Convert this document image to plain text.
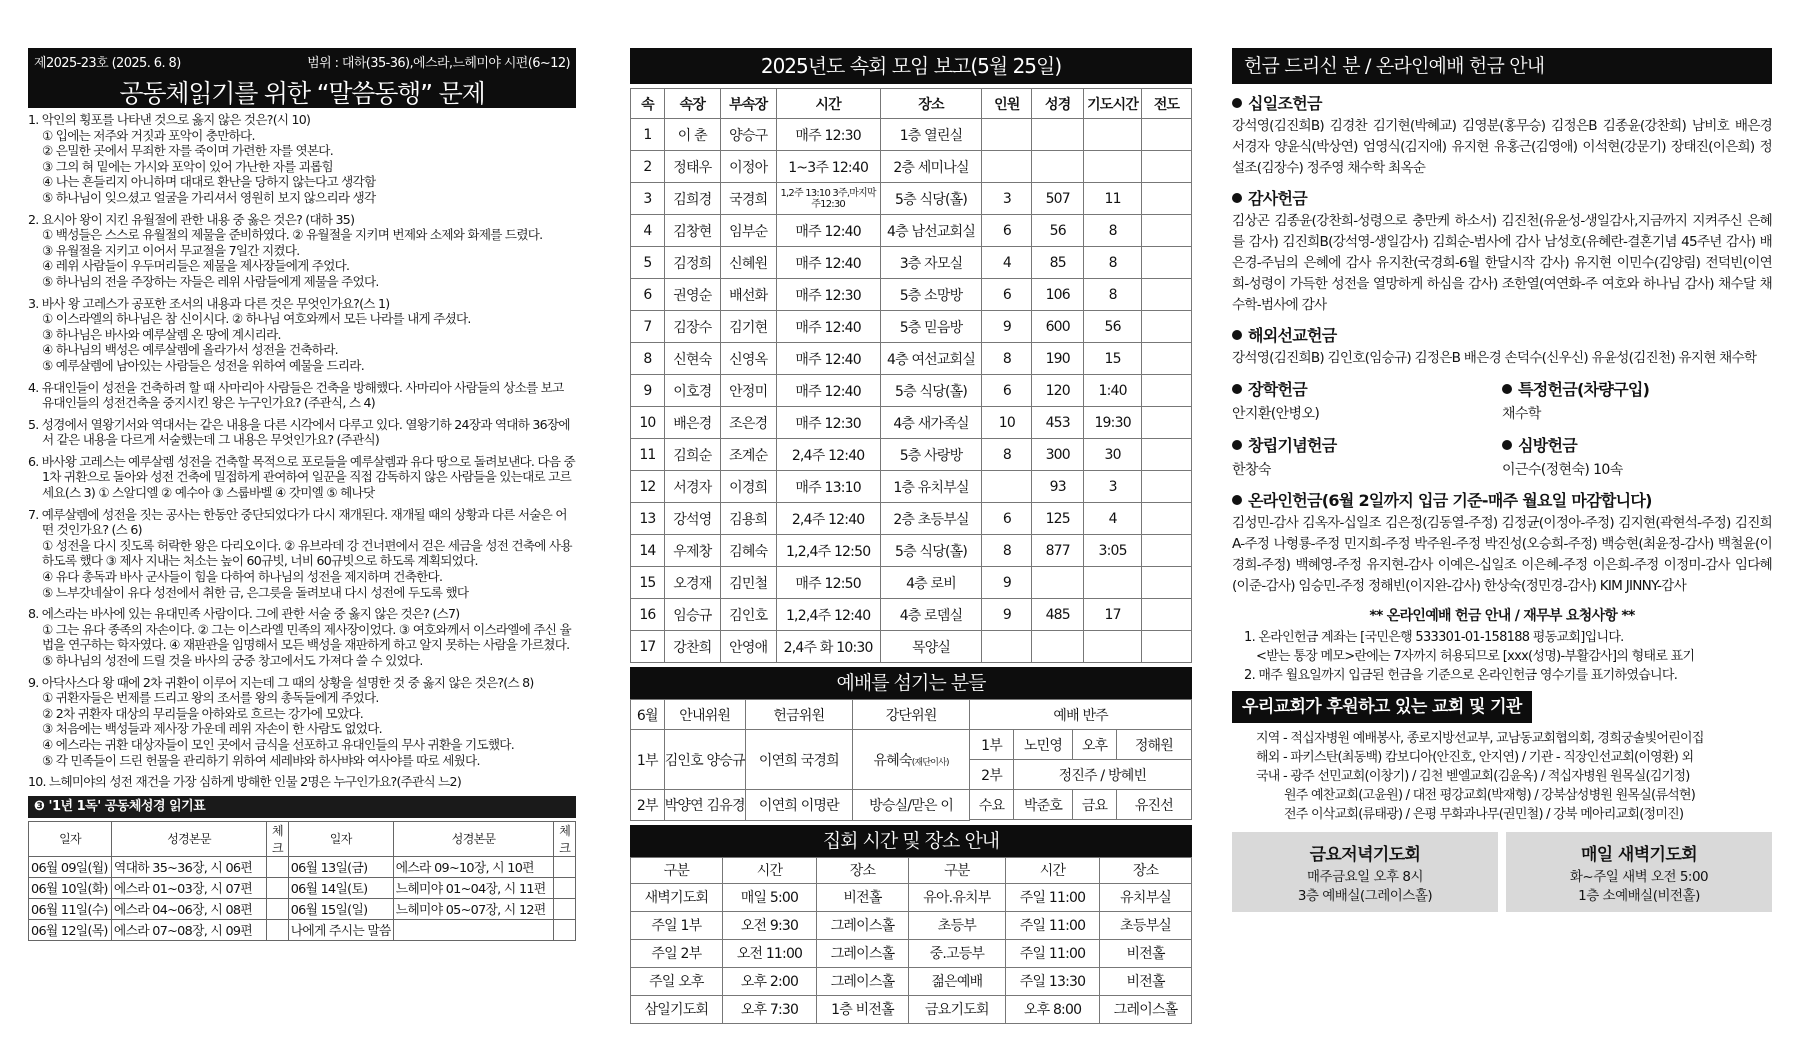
제2025-23호 (2025. 6. 8)	범위 : 대하(35-36),에스라,느헤미야 시편(6~12)
공동체읽기를 위한 “말씀동행” 문제
1. 악인의 횡포를 나타낸 것으로 옳지 않은 것은?(시 10)
① 입에는 저주와 거짓과 포악이 충만하다.
② 은밀한 곳에서 무죄한 자를 죽이며 가련한 자를 엿본다.
③ 그의 혀 밑에는 가시와 포악이 있어 가난한 자를 괴롭힘
④ 나는 흔들리지 아니하며 대대로 환난을 당하지 않는다고 생각함
⑤ 하나님이 잊으셨고 얼굴을 가리셔서 영원히 보지 않으리라 생각
2. 요시아 왕이 지킨 유월절에 관한 내용 중 옳은 것은? (대하 35)
① 백성들은 스스로 유월절의 제물을 준비하였다. ② 유월절을 지키며 번제와 소제와 화제를 드렸다.
③ 유월절을 지키고 이어서 무교절을 7일간 지켰다.
④ 레위 사람들이 우두머리들은 제물을 제사장들에게 주었다.
⑤ 하나님의 전을 주장하는 자들은 레위 사람들에게 제물을 주었다.
3. 바사 왕 고레스가 공포한 조서의 내용과 다른 것은 무엇인가요?(스 1)
① 이스라엘의 하나님은 참 신이시다. ② 하나님 여호와께서 모든 나라를 내게 주셨다.
③ 하나님은 바사와 예루살렘 온 땅에 계시리라.
④ 하나님의 백성은 예루살렘에 올라가서 성전을 건축하라.
⑤ 예루살렘에 남아있는 사람들은 성전을 위하여 예물을 드리라.
4. 유대인들이 성전을 건축하려 할 때 사마리아 사람들은 건축을 방해했다. 사마리아 사람들의 상소를 보고 유대인들의 성전건축을 중지시킨 왕은 누구인가요? (주관식, 스 4)
5. 성경에서 열왕기서와 역대서는 같은 내용을 다른 시각에서 다루고 있다. 열왕기하 24장과 역대하 36장에서 같은 내용을 다르게 서술했는데 그 내용은 무엇인가요? (주관식)
6. 바사왕 고레스는 예루살렘 성전을 건축할 목적으로 포로들을 예루살렘과 유다 땅으로 돌려보낸다. 다음 중 1차 귀환으로 돌아와 성전 건축에 밀접하게 관여하여 일꾼을 직접 감독하지 않은 사람들을 있는대로 고르세요(스 3) ① 스알디엘 ② 예수아 ③ 스룹바벨 ④ 갓미엘 ⑤ 헤나닷
7. 예루살렘에 성전을 짓는 공사는 한동안 중단되었다가 다시 재개된다. 재개될 때의 상황과 다른 서술은 어떤 것인가요? (스 6)
① 성전을 다시 짓도록 허락한 왕은 다리오이다. ② 유브라데 강 건너편에서 걷은 세금을 성전 건축에 사용하도록 했다 ③ 제사 지내는 처소는 높이 60규빗, 너비 60규빗으로 하도록 계획되었다.
④ 유다 총독과 바사 군사들이 힘을 다하여 하나님의 성전을 제지하며 건축한다.
⑤ 느부갓네살이 유다 성전에서 취한 금, 은그릇을 돌려보내 다시 성전에 두도록 했다
8. 에스라는 바사에 있는 유대민족 사람이다. 그에 관한 서술 중 옳지 않은 것은? (스7)
① 그는 유다 종족의 자손이다. ② 그는 이스라엘 민족의 제사장이었다. ③ 여호와께서 이스라엘에 주신 율법을 연구하는 학자였다. ④ 재판관을 임명해서 모든 백성을 재판하게 하고 알지 못하는 사람을 가르쳤다. ⑤ 하나님의 성전에 드릴 것을 바사의 궁중 창고에서도 가져다 쓸 수 있었다.
9. 아닥사스다 왕 때에 2차 귀환이 이루어 지는데 그 때의 상황을 설명한 것 중 옳지 않은 것은?(스 8)
① 귀환자들은 번제를 드리고 왕의 조서를 왕의 총독들에게 주었다.
② 2차 귀환자 대상의 무리들을 아하와로 흐르는 강가에 모았다.
③ 처음에는 백성들과 제사장 가운데 레위 자손이 한 사람도 없었다.
④ 에스라는 귀환 대상자들이 모인 곳에서 금식을 선포하고 유대인들의 무사 귀환을 기도했다.
⑤ 각 민족들이 드린 헌물을 관리하기 위하여 세레뱌와 하사뱌와 여사야를 따로 세웠다.
10. 느헤미야의 성전 재건을 가장 심하게 방해한 인물 2명은 누구인가요?(주관식 느2)
❸ '1년 1독' 공동체성경 읽기표
일자	성경본문	체크	일자	성경본문	체크
06월 09일(월)	역대하 35~36장, 시 06편		06월 13일(금)	에스라 09~10장, 시 10편	
06월 10일(화)	에스라 01~03장, 시 07편		06월 14일(토)	느헤미야 01~04장, 시 11편	
06월 11일(수)	에스라 04~06장, 시 08편		06월 15일(일)	느헤미야 05~07장, 시 12편	
06월 12일(목)	에스라 07~08장, 시 09편		나에게 주시는 말씀		
2025년도 속회 모임 보고(5월 25일)
속	속장	부속장	시간	장소	인원	성경	기도시간	전도
1	이 춘	양승구	매주 12:30	1층 열린실				
2	정태우	이정아	1~3주 12:40	2층 세미나실				
3	김희경	국경희	1,2주 13:10 3주,마지막주12:30	5층 식당(홀)	3	507	11	
4	김창현	임부순	매주 12:40	4층 남선교회실	6	56	8	
5	김정희	신혜원	매주 12:40	3층 자모실	4	85	8	
6	권영순	배선화	매주 12:30	5층 소망방	6	106	8	
7	김장수	김기현	매주 12:40	5층 믿음방	9	600	56	
8	신현숙	신영옥	매주 12:40	4층 여선교회실	8	190	15	
9	이호경	안정미	매주 12:40	5층 식당(홀)	6	120	1:40	
10	배은경	조은경	매주 12:30	4층 새가족실	10	453	19:30	
11	김희순	조계순	2,4주 12:40	5층 사랑방	8	300	30	
12	서경자	이경희	매주 13:10	1층 유치부실		93	3	
13	강석영	김용희	2,4주 12:40	2층 초등부실	6	125	4	
14	우제창	김혜숙	1,2,4주 12:50	5층 식당(홀)	8	877	3:05	
15	오경재	김민철	매주 12:50	4층 로비	9			
16	임승규	김인호	1,2,4주 12:40	4층 로뎀실	9	485	17	
17	강찬희	안영애	2,4주 화 10:30	목양실				
예배를 섬기는 분들
6월	안내위원	헌금위원	강단위원	예배 반주			
1부	김인호 양승규	이연희 국경희	유혜숙(재단이사)	1부	노민영	오후	정해원
				2부	정진주 / 방혜빈		
2부	박양연 김유경	이연희 이명란	방승실/맏은 이	수요	박준호	금요	유진선

집회 시간 및 장소 안내
구분	시간	장소	구분	시간	장소
새벽기도회	매일 5:00	비전홀	유아.유치부	주일 11:00	유치부실
주일 1부	오전 9:30	그레이스홀	초등부	주일 11:00	초등부실
주일 2부	오전 11:00	그레이스홀	중.고등부	주일 11:00	비전홀
주일 오후	오후 2:00	그레이스홀	젊은예배	주일 13:30	비전홀
삼일기도회	오후 7:30	1층 비전홀	금요기도회	오후 8:00	그레이스홀
헌금 드리신 분 / 온라인예배 헌금 안내
십일조헌금
강석영(김진희B) 김경찬 김기현(박혜교) 김영분(홍무승) 김정은B 김종윤(강찬희) 남비호 배은경 서경자 양윤식(박상연) 엄영식(김지애) 유지현 유홍근(김영애) 이석현(강문기) 장태진(이은희) 정설조(김장수) 정주영 채수학 최옥순
감사헌금
김상곤 김종윤(강찬희-성령으로 충만케 하소서) 김진천(유윤성-생일감사,지금까지 지켜주신 은혜를 감사) 김진희B(강석영-생일감사) 김희순-범사에 감사 남성호(유혜란-결혼기념 45주년 감사) 배은경-주님의 은혜에 감사 유지찬(국경희-6월 한달시작 감사) 유지현 이민수(김양림) 전덕빈(이연희-성령이 가득한 성전을 열망하게 하심을 감사) 조한열(여연화-주 여호와 하나님 감사) 채수달 채수학-범사에 감사
해외선교헌금
강석영(김진희B) 김인호(임승규) 김정은B 배은경 손덕수(신우신) 유윤성(김진천) 유지현 채수학
장학헌금

안지환(안병오)

특정헌금(차량구입)

채수학

창립기념헌금

한창숙

심방헌금

이근수(정현숙) 10속

온라인헌금(6월 2일까지 입금 기준-매주 월요일 마감합니다)
김성민-감사 김옥자-십일조 김은정(김동열-주정) 김정균(이정아-주정) 김지현(곽현석-주정) 김진희A-주정 나형룡-주정 민지희-주정 박주원-주정 박진성(오승희-주정) 백승현(최윤정-감사) 백철윤(이경희-주정) 백혜영-주정 유지현-감사 이예은-십일조 이은혜-주정 이은희-주정 이정미-감사 임다혜(이준-감사) 임승민-주정 정해빈(이지완-감사) 한상숙(정민경-감사) KIM JINNY-감사
** 온라인예배 헌금 안내 / 재무부 요청사항 **

1. 온라인헌금 계좌는 [국민은행 533301-01-158188 평동교회]입니다.

<받는 통장 메모>란에는 7자까지 허용되므로 [xxx(성명)-부활감사]의 형태로 표기

2. 매주 월요일까지 입금된 헌금을 기준으로 온라인헌금 영수기를 표기하였습니다.

우리교회가 후원하고 있는 교회 및 기관

지역 - 적십자병원 예배봉사, 종로지방선교부, 교남동교회협의회, 경희궁솔빛어린이집

해외 - 파키스탄(최동백) 캄보디아(안진호, 안지연) / 기관 - 직장인선교회(이영환) 외

국내 - 광주 선민교회(이창기) / 김천 벧엘교회(김윤옥) / 적십자병원 원목실(김기정)

원주 예찬교회(고윤원) / 대전 평강교회(박재형) / 강북삼성병원 원목실(류석현)

전주 이삭교회(류태광) / 은평 무화과나무(권민철) / 강북 메아리교회(정미진)

금요저녁기도회
매주금요일 오후 8시
3층 예배실(그레이스홀)
매일 새벽기도회
화~주일 새벽 오전 5:00
1층 소예배실(비전홀)
